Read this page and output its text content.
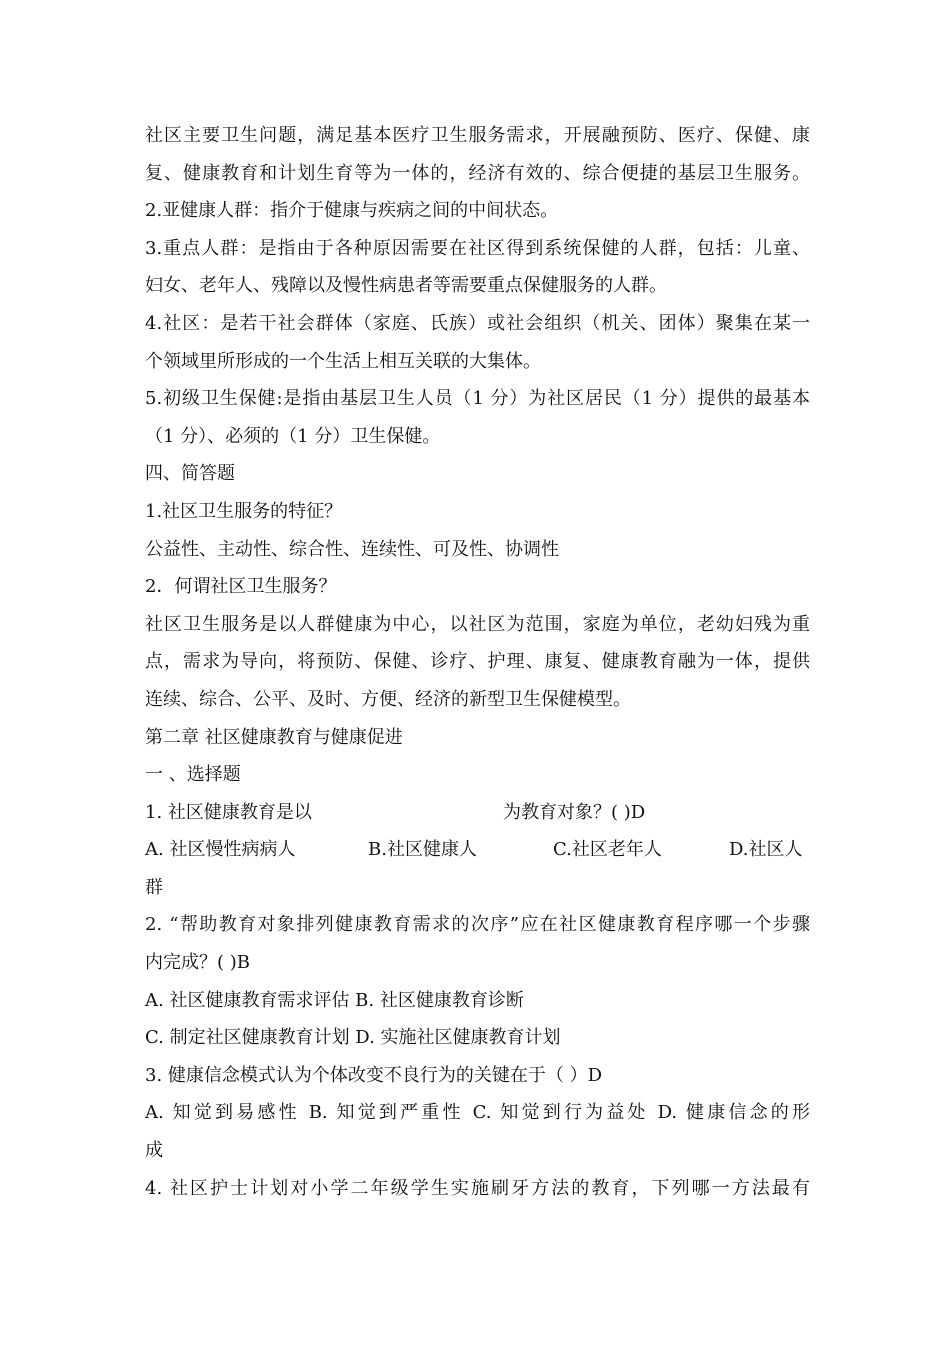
社区主要卫生问题，满足基本医疗卫生服务需求，开展融预防、医疗、保健、康
复、健康教育和计划生育等为一体的，经济有效的、综合便捷的基层卫生服务。
2.亚健康人群：指介于健康与疾病之间的中间状态。
3.重点人群：是指由于各种原因需要在社区得到系统保健的人群，包括：儿童、
妇女、老年人、残障以及慢性病患者等需要重点保健服务的人群。
4.社区：是若干社会群体（家庭、氏族）或社会组织（机关、团体）聚集在某一
个领域里所形成的一个生活上相互关联的大集体。
5.初级卫生保健:是指由基层卫生人员（1 分）为社区居民（1 分）提供的最基本
（1 分）、必须的（1 分）卫生保健。
四、简答题
1.社区卫生服务的特征？
公益性、主动性、综合性、连续性、可及性、协调性
2．何谓社区卫生服务？
社区卫生服务是以人群健康为中心，以社区为范围，家庭为单位，老幼妇残为重
点，需求为导向，将预防、保健、诊疗、护理、康复、健康教育融为一体，提供
连续、综合、公平、及时、方便、经济的新型卫生保健模型。
第二章 社区健康教育与健康促进
一 、选择题
1. 社区健康教育是以	为教育对象？( )D
A. 社区慢性病病人	B.社区健康人	C.社区老年人	D.社区人
群
2. “帮助教育对象排列健康教育需求的次序”应在社区健康教育程序哪一个步骤
内完成？( )B
A. 社区健康教育需求评估 B. 社区健康教育诊断
C. 制定社区健康教育计划 D. 实施社区健康教育计划
3. 健康信念模式认为个体改变不良行为的关键在于（ ）D
A. 知觉到易感性 B. 知觉到严重性 C. 知觉到行为益处 D. 健康信念的形
成
4. 社区护士计划对小学二年级学生实施刷牙方法的教育，下列哪一方法最有
